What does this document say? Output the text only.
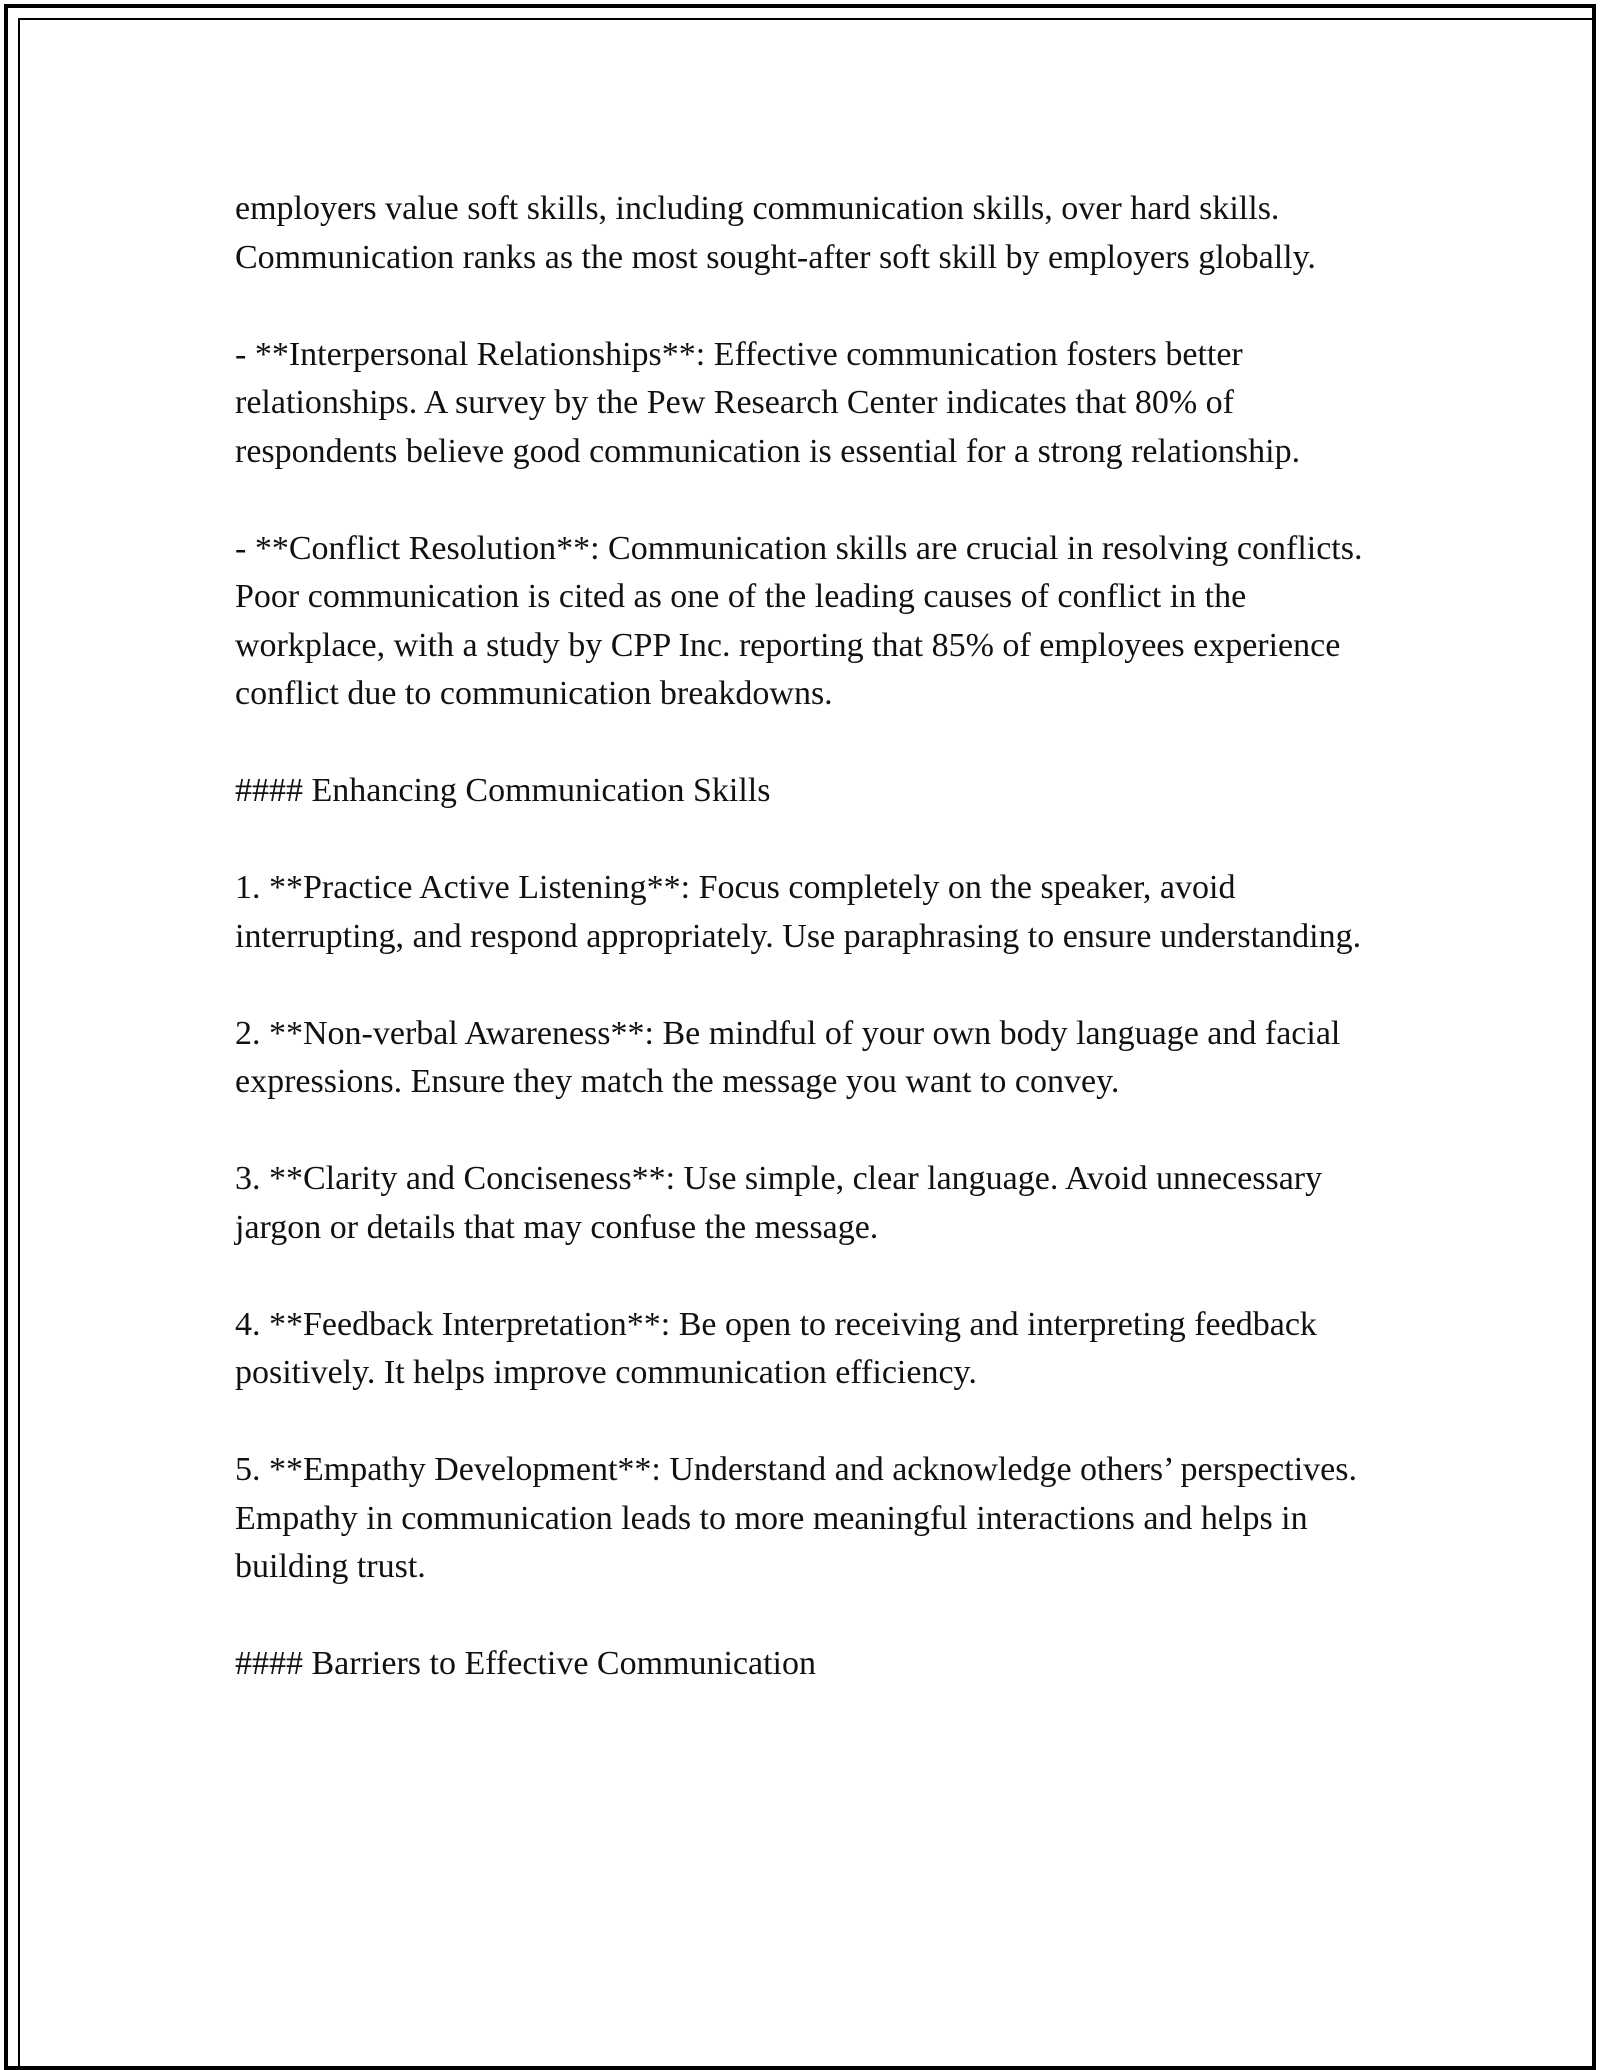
employers value soft skills, including communication skills, over hard skills. Communication ranks as the most sought-after soft skill by employers globally.

- **Interpersonal Relationships**: Effective communication fosters better relationships. A survey by the Pew Research Center indicates that 80% of respondents believe good communication is essential for a strong relationship.

- **Conflict Resolution**: Communication skills are crucial in resolving conflicts. Poor communication is cited as one of the leading causes of conflict in the workplace, with a study by CPP Inc. reporting that 85% of employees experience conflict due to communication breakdowns.

#### Enhancing Communication Skills

1. **Practice Active Listening**: Focus completely on the speaker, avoid interrupting, and respond appropriately. Use paraphrasing to ensure understanding.

2. **Non-verbal Awareness**: Be mindful of your own body language and facial expressions. Ensure they match the message you want to convey.

3. **Clarity and Conciseness**: Use simple, clear language. Avoid unnecessary jargon or details that may confuse the message.

4. **Feedback Interpretation**: Be open to receiving and interpreting feedback positively. It helps improve communication efficiency.

5. **Empathy Development**: Understand and acknowledge others’ perspectives. Empathy in communication leads to more meaningful interactions and helps in building trust.

#### Barriers to Effective Communication
